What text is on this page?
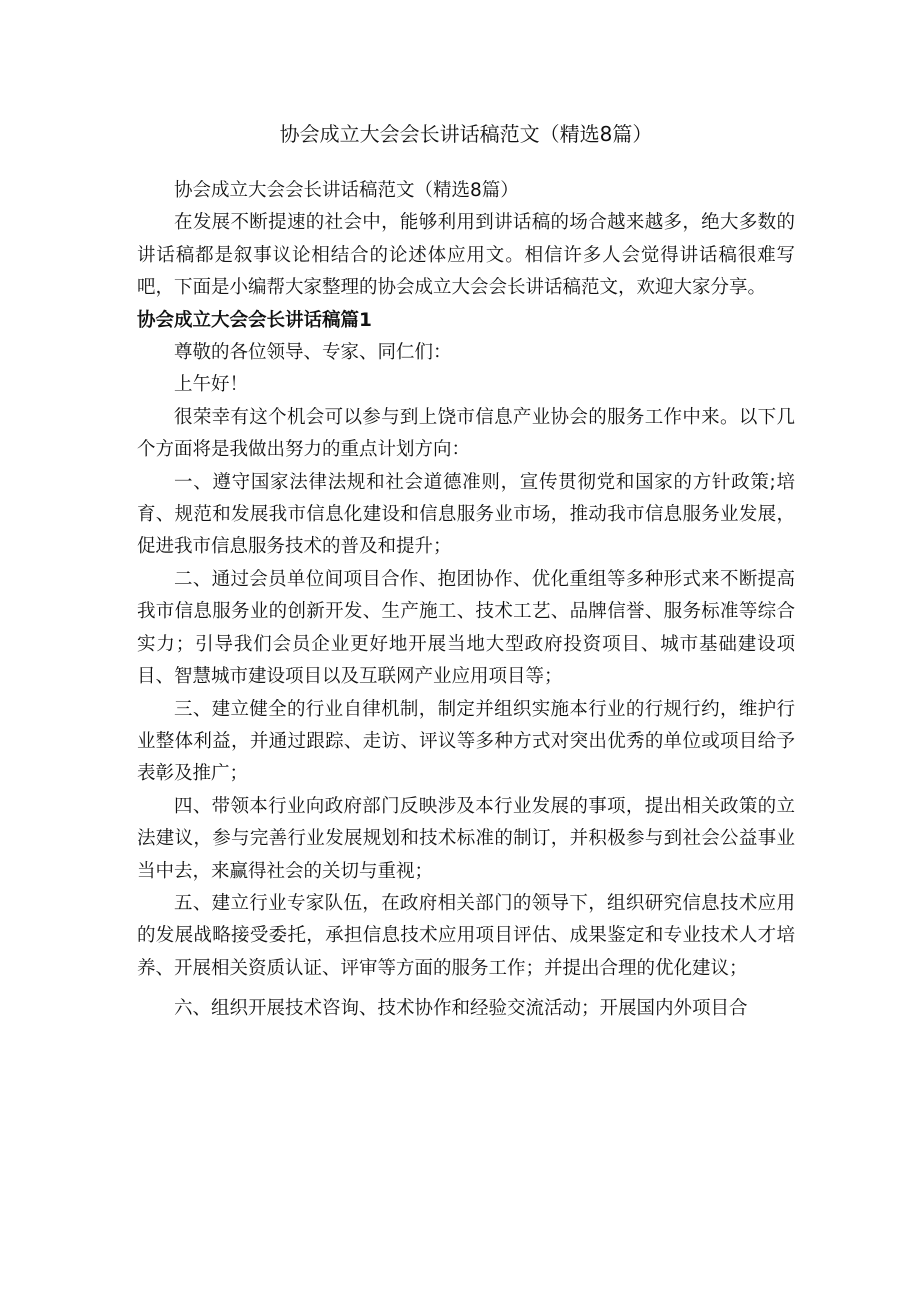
协会成立大会会长讲话稿范文（精选8篇）

协会成立大会会长讲话稿范文（精选8篇）

在发展不断提速的社会中，能够利用到讲话稿的场合越来越多，绝大多数的讲话稿都是叙事议论相结合的论述体应用文。相信许多人会觉得讲话稿很难写吧，下面是小编帮大家整理的协会成立大会会长讲话稿范文，欢迎大家分享。

协会成立大会会长讲话稿篇1

尊敬的各位领导、专家、同仁们：

上午好！

很荣幸有这个机会可以参与到上饶市信息产业协会的服务工作中来。以下几个方面将是我做出努力的重点计划方向：

一、遵守国家法律法规和社会道德准则，宣传贯彻党和国家的方针政策;培育、规范和发展我市信息化建设和信息服务业市场，推动我市信息服务业发展，促进我市信息服务技术的普及和提升；

二、通过会员单位间项目合作、抱团协作、优化重组等多种形式来不断提高我市信息服务业的创新开发、生产施工、技术工艺、品牌信誉、服务标准等综合实力；引导我们会员企业更好地开展当地大型政府投资项目、城市基础建设项目、智慧城市建设项目以及互联网产业应用项目等；

三、建立健全的行业自律机制，制定并组织实施本行业的行规行约，维护行业整体利益，并通过跟踪、走访、评议等多种方式对突出优秀的单位或项目给予表彰及推广；

四、带领本行业向政府部门反映涉及本行业发展的事项，提出相关政策的立法建议，参与完善行业发展规划和技术标准的制订，并积极参与到社会公益事业当中去，来赢得社会的关切与重视；

五、建立行业专家队伍，在政府相关部门的领导下，组织研究信息技术应用的发展战略接受委托，承担信息技术应用项目评估、成果鉴定和专业技术人才培养、开展相关资质认证、评审等方面的服务工作；并提出合理的优化建议；

六、组织开展技术咨询、技术协作和经验交流活动；开展国内外项目合
